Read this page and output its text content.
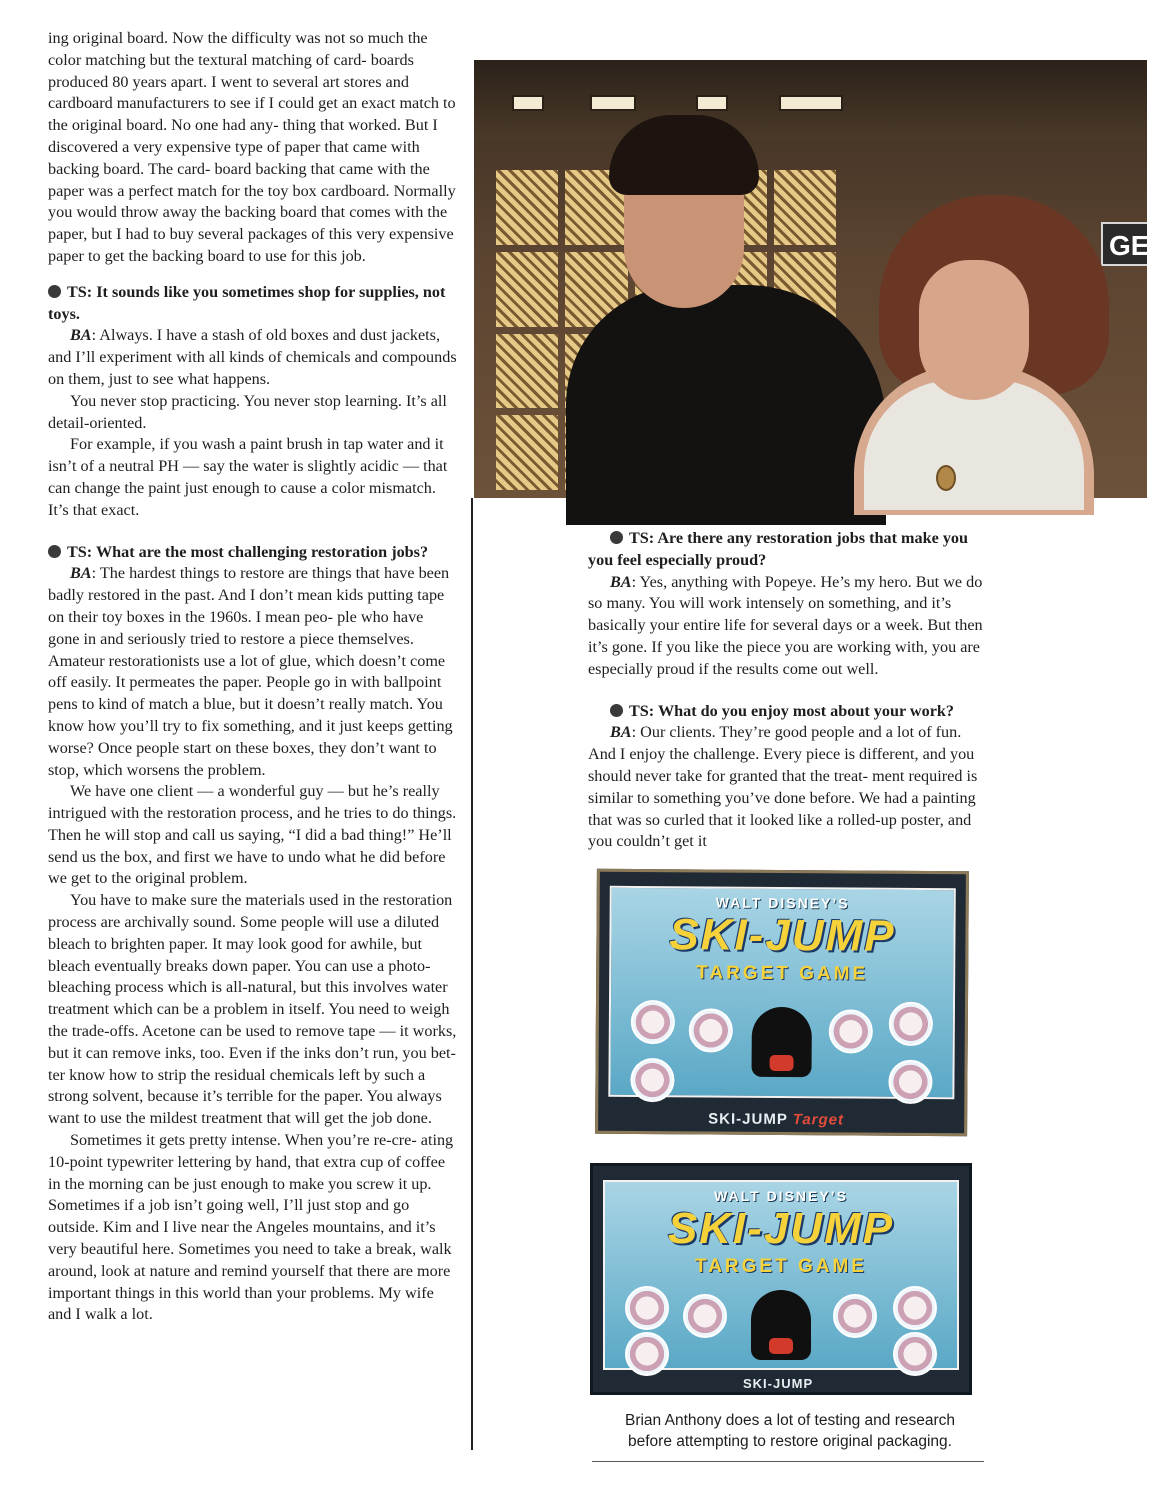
ing original board. Now the difficulty was not so much the color matching but the textural matching of card- boards produced 80 years apart. I went to several art stores and cardboard manufacturers to see if I could get an exact match to the original board. No one had any- thing that worked. But I discovered a very expensive type of paper that came with backing board. The card- board backing that came with the paper was a perfect match for the toy box cardboard. Normally you would throw away the backing board that comes with the paper, but I had to buy several packages of this very expensive paper to get the backing board to use for this job.

TS: It sounds like you sometimes shop for supplies, not toys.

BA: Always. I have a stash of old boxes and dust jackets, and I’ll experiment with all kinds of chemicals and compounds on them, just to see what happens.

You never stop practicing. You never stop learning. It’s all detail-oriented.

For example, if you wash a paint brush in tap water and it isn’t of a neutral PH — say the water is slightly acidic — that can change the paint just enough to cause a color mismatch. It’s that exact.

TS: What are the most challenging restoration jobs?

BA: The hardest things to restore are things that have been badly restored in the past. And I don’t mean kids putting tape on their toy boxes in the 1960s. I mean peo- ple who have gone in and seriously tried to restore a piece themselves. Amateur restorationists use a lot of glue, which doesn’t come off easily. It permeates the paper. People go in with ballpoint pens to kind of match a blue, but it doesn’t really match. You know how you’ll try to fix something, and it just keeps getting worse? Once people start on these boxes, they don’t want to stop, which worsens the problem.

We have one client — a wonderful guy — but he’s really intrigued with the restoration process, and he tries to do things. Then he will stop and call us saying, “I did a bad thing!” He’ll send us the box, and first we have to undo what he did before we get to the original problem.

You have to make sure the materials used in the restoration process are archivally sound. Some people will use a diluted bleach to brighten paper. It may look good for awhile, but bleach eventually breaks down paper. You can use a photo-bleaching process which is all-natural, but this involves water treatment which can be a problem in itself. You need to weigh the trade-offs. Acetone can be used to remove tape — it works, but it can remove inks, too. Even if the inks don’t run, you bet- ter know how to strip the residual chemicals left by such a strong solvent, because it’s terrible for the paper. You always want to use the mildest treatment that will get the job done.

Sometimes it gets pretty intense. When you’re re-cre- ating 10-point typewriter lettering by hand, that extra cup of coffee in the morning can be just enough to make you screw it up. Sometimes if a job isn’t going well, I’ll just stop and go outside. Kim and I live near the Angeles mountains, and it’s very beautiful here. Sometimes you need to take a break, walk around, look at nature and remind yourself that there are more important things in this world than your problems. My wife and I walk a lot.

GEN

TS: Are there any restoration jobs that make you you feel especially proud?

BA: Yes, anything with Popeye. He’s my hero. But we do so many. You will work intensely on something, and it’s basically your entire life for several days or a week. But then it’s gone. If you like the piece you are working with, you are especially proud if the results come out well.

TS: What do you enjoy most about your work?

BA: Our clients. They’re good people and a lot of fun. And I enjoy the challenge. Every piece is different, and you should never take for granted that the treat- ment required is similar to something you’ve done before. We had a painting that was so curled that it looked like a rolled-up poster, and you couldn’t get it

WALT DISNEY’S
SKI-JUMP
TARGET GAME
SKI-JUMP Target
WALT DISNEY’S
SKI-JUMP
TARGET GAME
SKI-JUMP
Brian Anthony does a lot of testing and research
before attempting to restore original packaging.
